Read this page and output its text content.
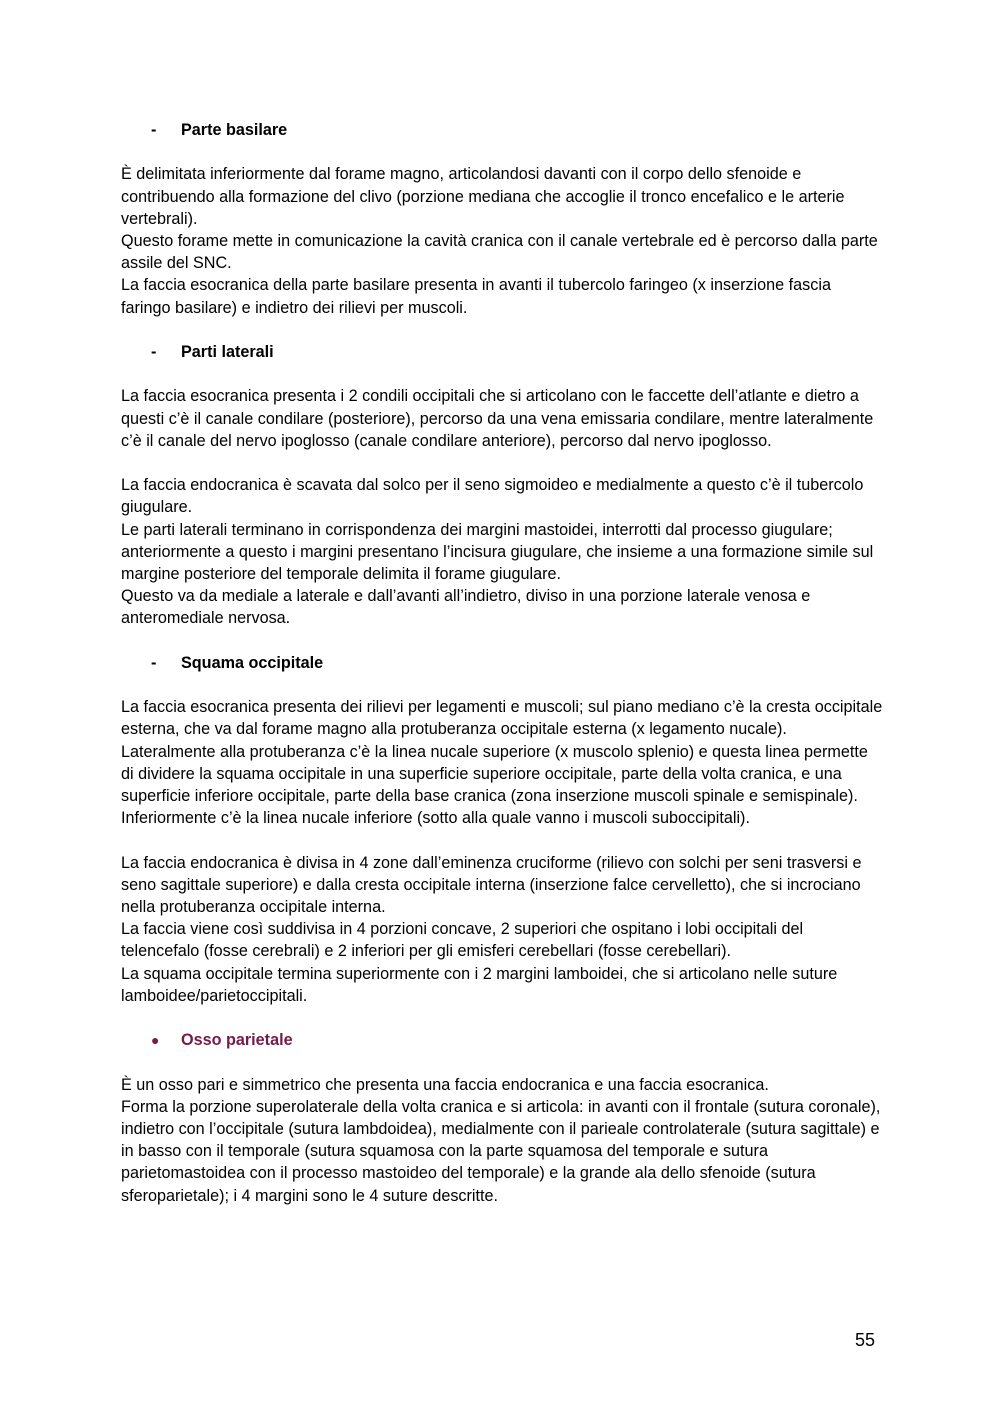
- Parte basilare

È delimitata inferiormente dal forame magno, articolandosi davanti con il corpo dello sfenoide e contribuendo alla formazione del clivo (porzione mediana che accoglie il tronco encefalico e le arterie vertebrali).

Questo forame mette in comunicazione la cavità cranica con il canale vertebrale ed è percorso dalla parte assile del SNC.

La faccia esocranica della parte basilare presenta in avanti il tubercolo faringeo (x inserzione fascia faringo basilare) e indietro dei rilievi per muscoli.

- Parti laterali

La faccia esocranica presenta i 2 condili occipitali che si articolano con le faccette dell’atlante e dietro a questi c’è il canale condilare (posteriore), percorso da una vena emissaria condilare, mentre lateralmente c’è il canale del nervo ipoglosso (canale condilare anteriore), percorso dal nervo ipoglosso.

La faccia endocranica è scavata dal solco per il seno sigmoideo e medialmente a questo c’è il tubercolo giugulare.

Le parti laterali terminano in corrispondenza dei margini mastoidei, interrotti dal processo giugulare; anteriormente a questo i margini presentano l’incisura giugulare, che insieme a una formazione simile sul margine posteriore del temporale delimita il forame giugulare.

Questo va da mediale a laterale e dall’avanti all’indietro, diviso in una porzione laterale venosa e anteromediale nervosa.

- Squama occipitale

La faccia esocranica presenta dei rilievi per legamenti e muscoli; sul piano mediano c’è la cresta occipitale esterna, che va dal forame magno alla protuberanza occipitale esterna (x legamento nucale).

Lateralmente alla protuberanza c’è la linea nucale superiore (x muscolo splenio) e questa linea permette di dividere la squama occipitale in una superficie superiore occipitale, parte della volta cranica, e una superficie inferiore occipitale, parte della base cranica (zona inserzione muscoli spinale e semispinale).

Inferiormente c’è la linea nucale inferiore (sotto alla quale vanno i muscoli suboccipitali).

La faccia endocranica è divisa in 4 zone dall’eminenza cruciforme (rilievo con solchi per seni trasversi e seno sagittale superiore) e dalla cresta occipitale interna (inserzione falce cervelletto), che si incrociano nella protuberanza occipitale interna.

La faccia viene così suddivisa in 4 porzioni concave, 2 superiori che ospitano i lobi occipitali del telencefalo (fosse cerebrali) e 2 inferiori per gli emisferi cerebellari (fosse cerebellari).

La squama occipitale termina superiormente con i 2 margini lamboidei, che si articolano nelle suture lamboidee/parietoccipitali.

● Osso parietale

È un osso pari e simmetrico che presenta una faccia endocranica e una faccia esocranica.

Forma la porzione superolaterale della volta cranica e si articola: in avanti con il frontale (sutura coronale), indietro con l’occipitale (sutura lambdoidea), medialmente con il parieale controlaterale (sutura sagittale) e in basso con il temporale (sutura squamosa con la parte squamosa del temporale e sutura parietomastoidea con il processo mastoideo del temporale) e la grande ala dello sfenoide (sutura sferoparietale); i 4 margini sono le 4 suture descritte.

55
